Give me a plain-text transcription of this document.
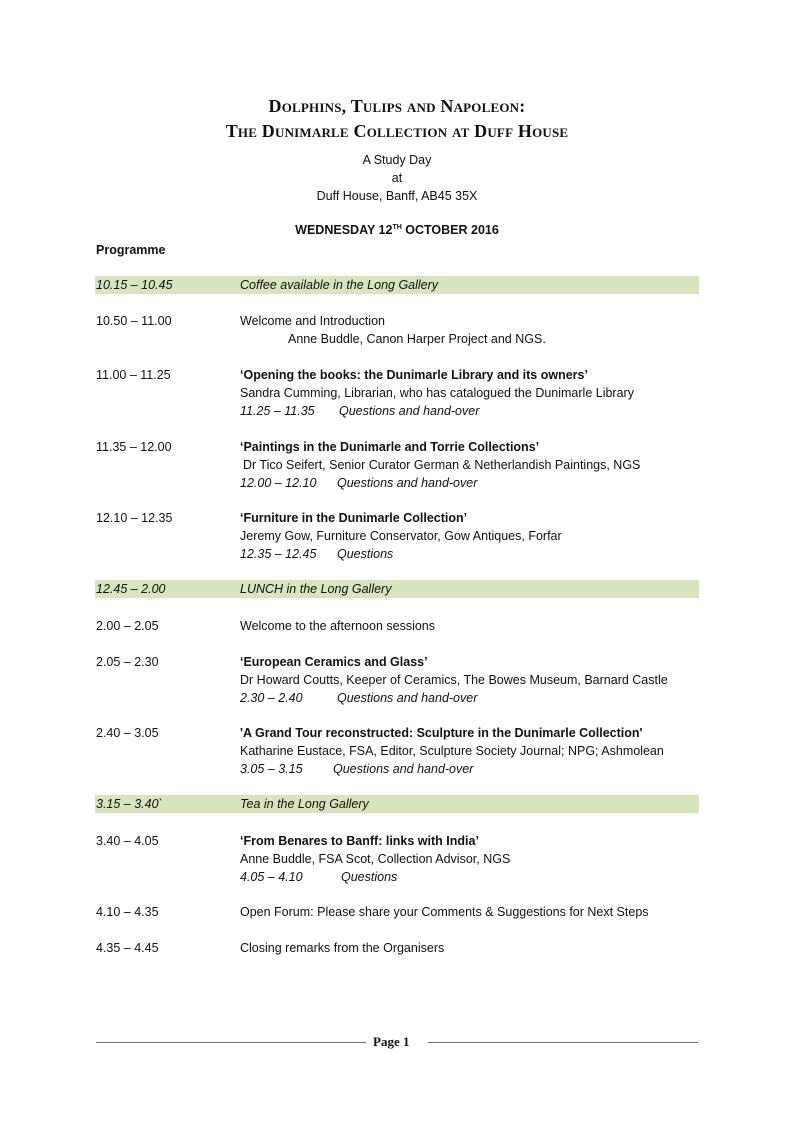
Dolphins, Tulips and Napoleon:
The Dunimarle Collection at Duff House
A Study Day
at
Duff House, Banff, AB45 35X
WEDNESDAY 12TH OCTOBER 2016
Programme
10.15 – 10.45	Coffee available in the Long Gallery
10.50 – 11.00	Welcome and Introduction
Anne Buddle, Canon Harper Project and NGS.
11.00 – 11.25	‘Opening the books: the Dunimarle Library and its owners’
Sandra Cumming, Librarian, who has catalogued the Dunimarle Library
11.25 – 11.35 Questions and hand-over
11.35 – 12.00	‘Paintings in the Dunimarle and Torrie Collections’
Dr Tico Seifert, Senior Curator German & Netherlandish Paintings, NGS
12.00 – 12.10 Questions and hand-over
12.10 – 12.35	‘Furniture in the Dunimarle Collection’
Jeremy Gow, Furniture Conservator, Gow Antiques, Forfar
12.35 – 12.45 Questions
12.45 – 2.00	LUNCH in the Long Gallery
2.00 – 2.05	Welcome to the afternoon sessions
2.05 – 2.30	‘European Ceramics and Glass’
Dr Howard Coutts, Keeper of Ceramics, The Bowes Museum, Barnard Castle
2.30 – 2.40	Questions and hand-over
2.40 – 3.05	'A Grand Tour reconstructed: Sculpture in the Dunimarle Collection'
Katharine Eustace, FSA, Editor, Sculpture Society Journal; NPG; Ashmolean
3.05 – 3.15 Questions and hand-over
3.15 – 3.40`	Tea in the Long Gallery
3.40 – 4.05	‘From Benares to Banff: links with India’
Anne Buddle, FSA Scot, Collection Advisor, NGS
4.05 – 4.10	Questions
4.10 – 4.35	Open Forum: Please share your Comments & Suggestions for Next Steps
4.35 – 4.45	Closing remarks from the Organisers
Page 1
